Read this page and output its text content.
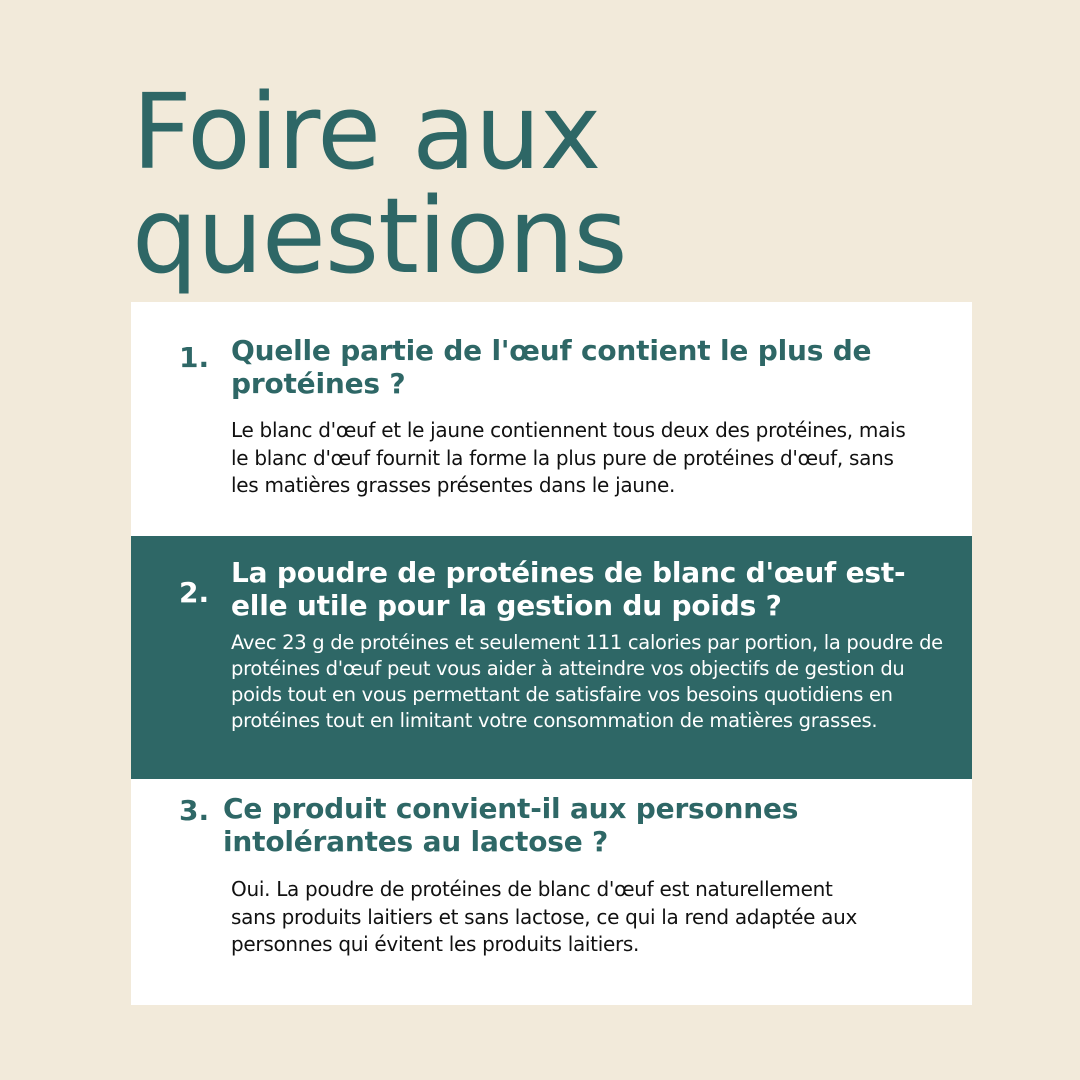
Foire aux
questions
1. Quelle partie de l'œuf contient le plus de protéines ?

Le blanc d'œuf et le jaune contiennent tous deux des protéines, mais le blanc d'œuf fournit la forme la plus pure de protéines d'œuf, sans les matières grasses présentes dans le jaune.

2.
La poudre de protéines de blanc d'œuf est-elle utile pour la gestion du poids ?

Avec 23 g de protéines et seulement 111 calories par portion, la poudre de protéines d'œuf peut vous aider à atteindre vos objectifs de gestion du poids tout en vous permettant de satisfaire vos besoins quotidiens en protéines tout en limitant votre consommation de matières grasses.

3. Ce produit convient-il aux personnes intolérantes au lactose ?

Oui. La poudre de protéines de blanc d'œuf est naturellement sans produits laitiers et sans lactose, ce qui la rend adaptée aux personnes qui évitent les produits laitiers.
